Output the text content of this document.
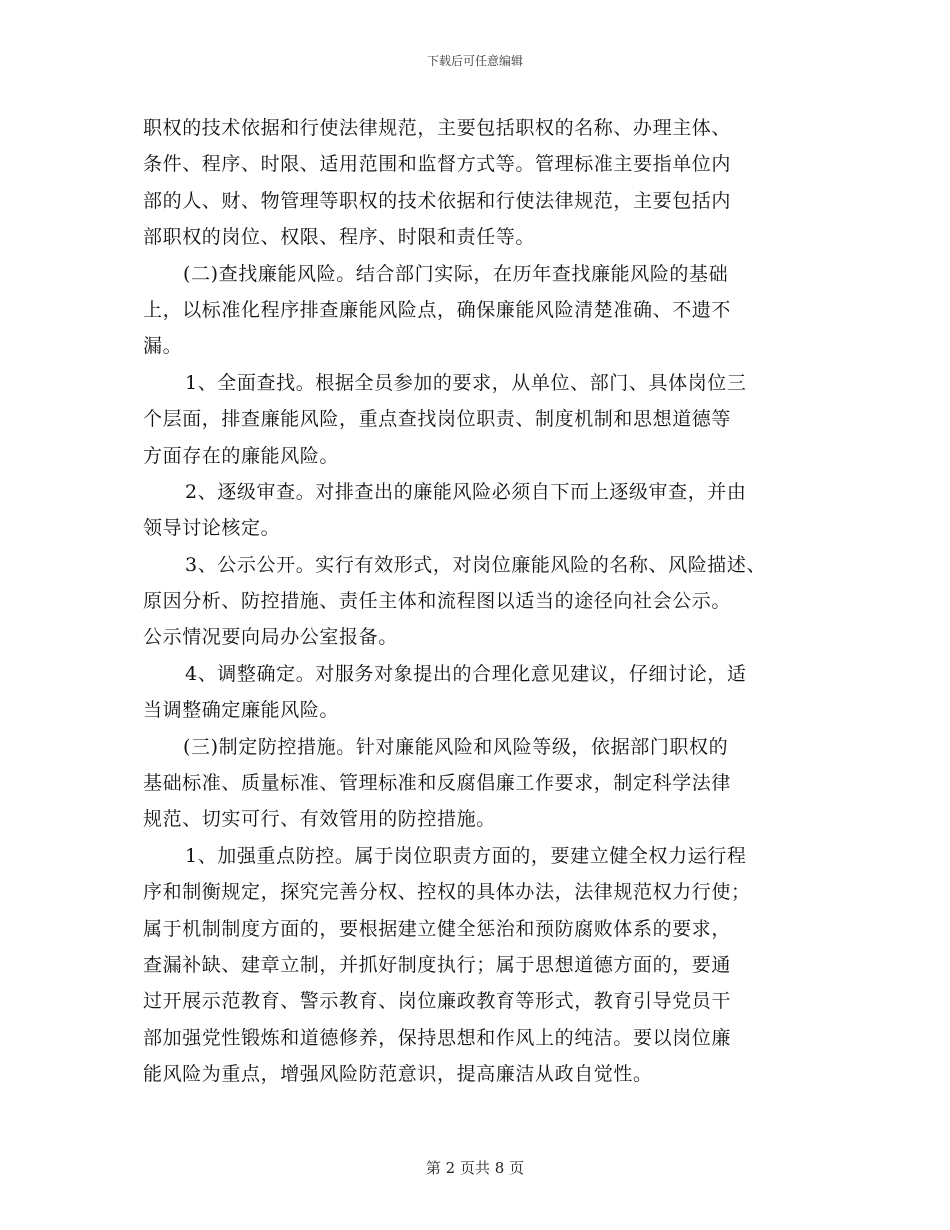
下载后可任意编辑
职权的技术依据和行使法律规范，主要包括职权的名称、办理主体、
条件、程序、时限、适用范围和监督方式等。管理标准主要指单位内
部的人、财、物管理等职权的技术依据和行使法律规范，主要包括内
部职权的岗位、权限、程序、时限和责任等。
(二)查找廉能风险。结合部门实际，在历年查找廉能风险的基础
上，以标准化程序排查廉能风险点，确保廉能风险清楚准确、不遗不
漏。
1、全面查找。根据全员参加的要求，从单位、部门、具体岗位三
个层面，排查廉能风险，重点查找岗位职责、制度机制和思想道德等
方面存在的廉能风险。
2、逐级审查。对排查出的廉能风险必须自下而上逐级审查，并由
领导讨论核定。
3、公示公开。实行有效形式，对岗位廉能风险的名称、风险描述、
原因分析、防控措施、责任主体和流程图以适当的途径向社会公示。
公示情况要向局办公室报备。
4、调整确定。对服务对象提出的合理化意见建议，仔细讨论，适
当调整确定廉能风险。
(三)制定防控措施。针对廉能风险和风险等级，依据部门职权的
基础标准、质量标准、管理标准和反腐倡廉工作要求，制定科学法律
规范、切实可行、有效管用的防控措施。
1、加强重点防控。属于岗位职责方面的，要建立健全权力运行程
序和制衡规定，探究完善分权、控权的具体办法，法律规范权力行使；
属于机制制度方面的，要根据建立健全惩治和预防腐败体系的要求，
查漏补缺、建章立制，并抓好制度执行；属于思想道德方面的，要通
过开展示范教育、警示教育、岗位廉政教育等形式，教育引导党员干
部加强党性锻炼和道德修养，保持思想和作风上的纯洁。要以岗位廉
能风险为重点，增强风险防范意识，提高廉洁从政自觉性。
第 2 页共 8 页
